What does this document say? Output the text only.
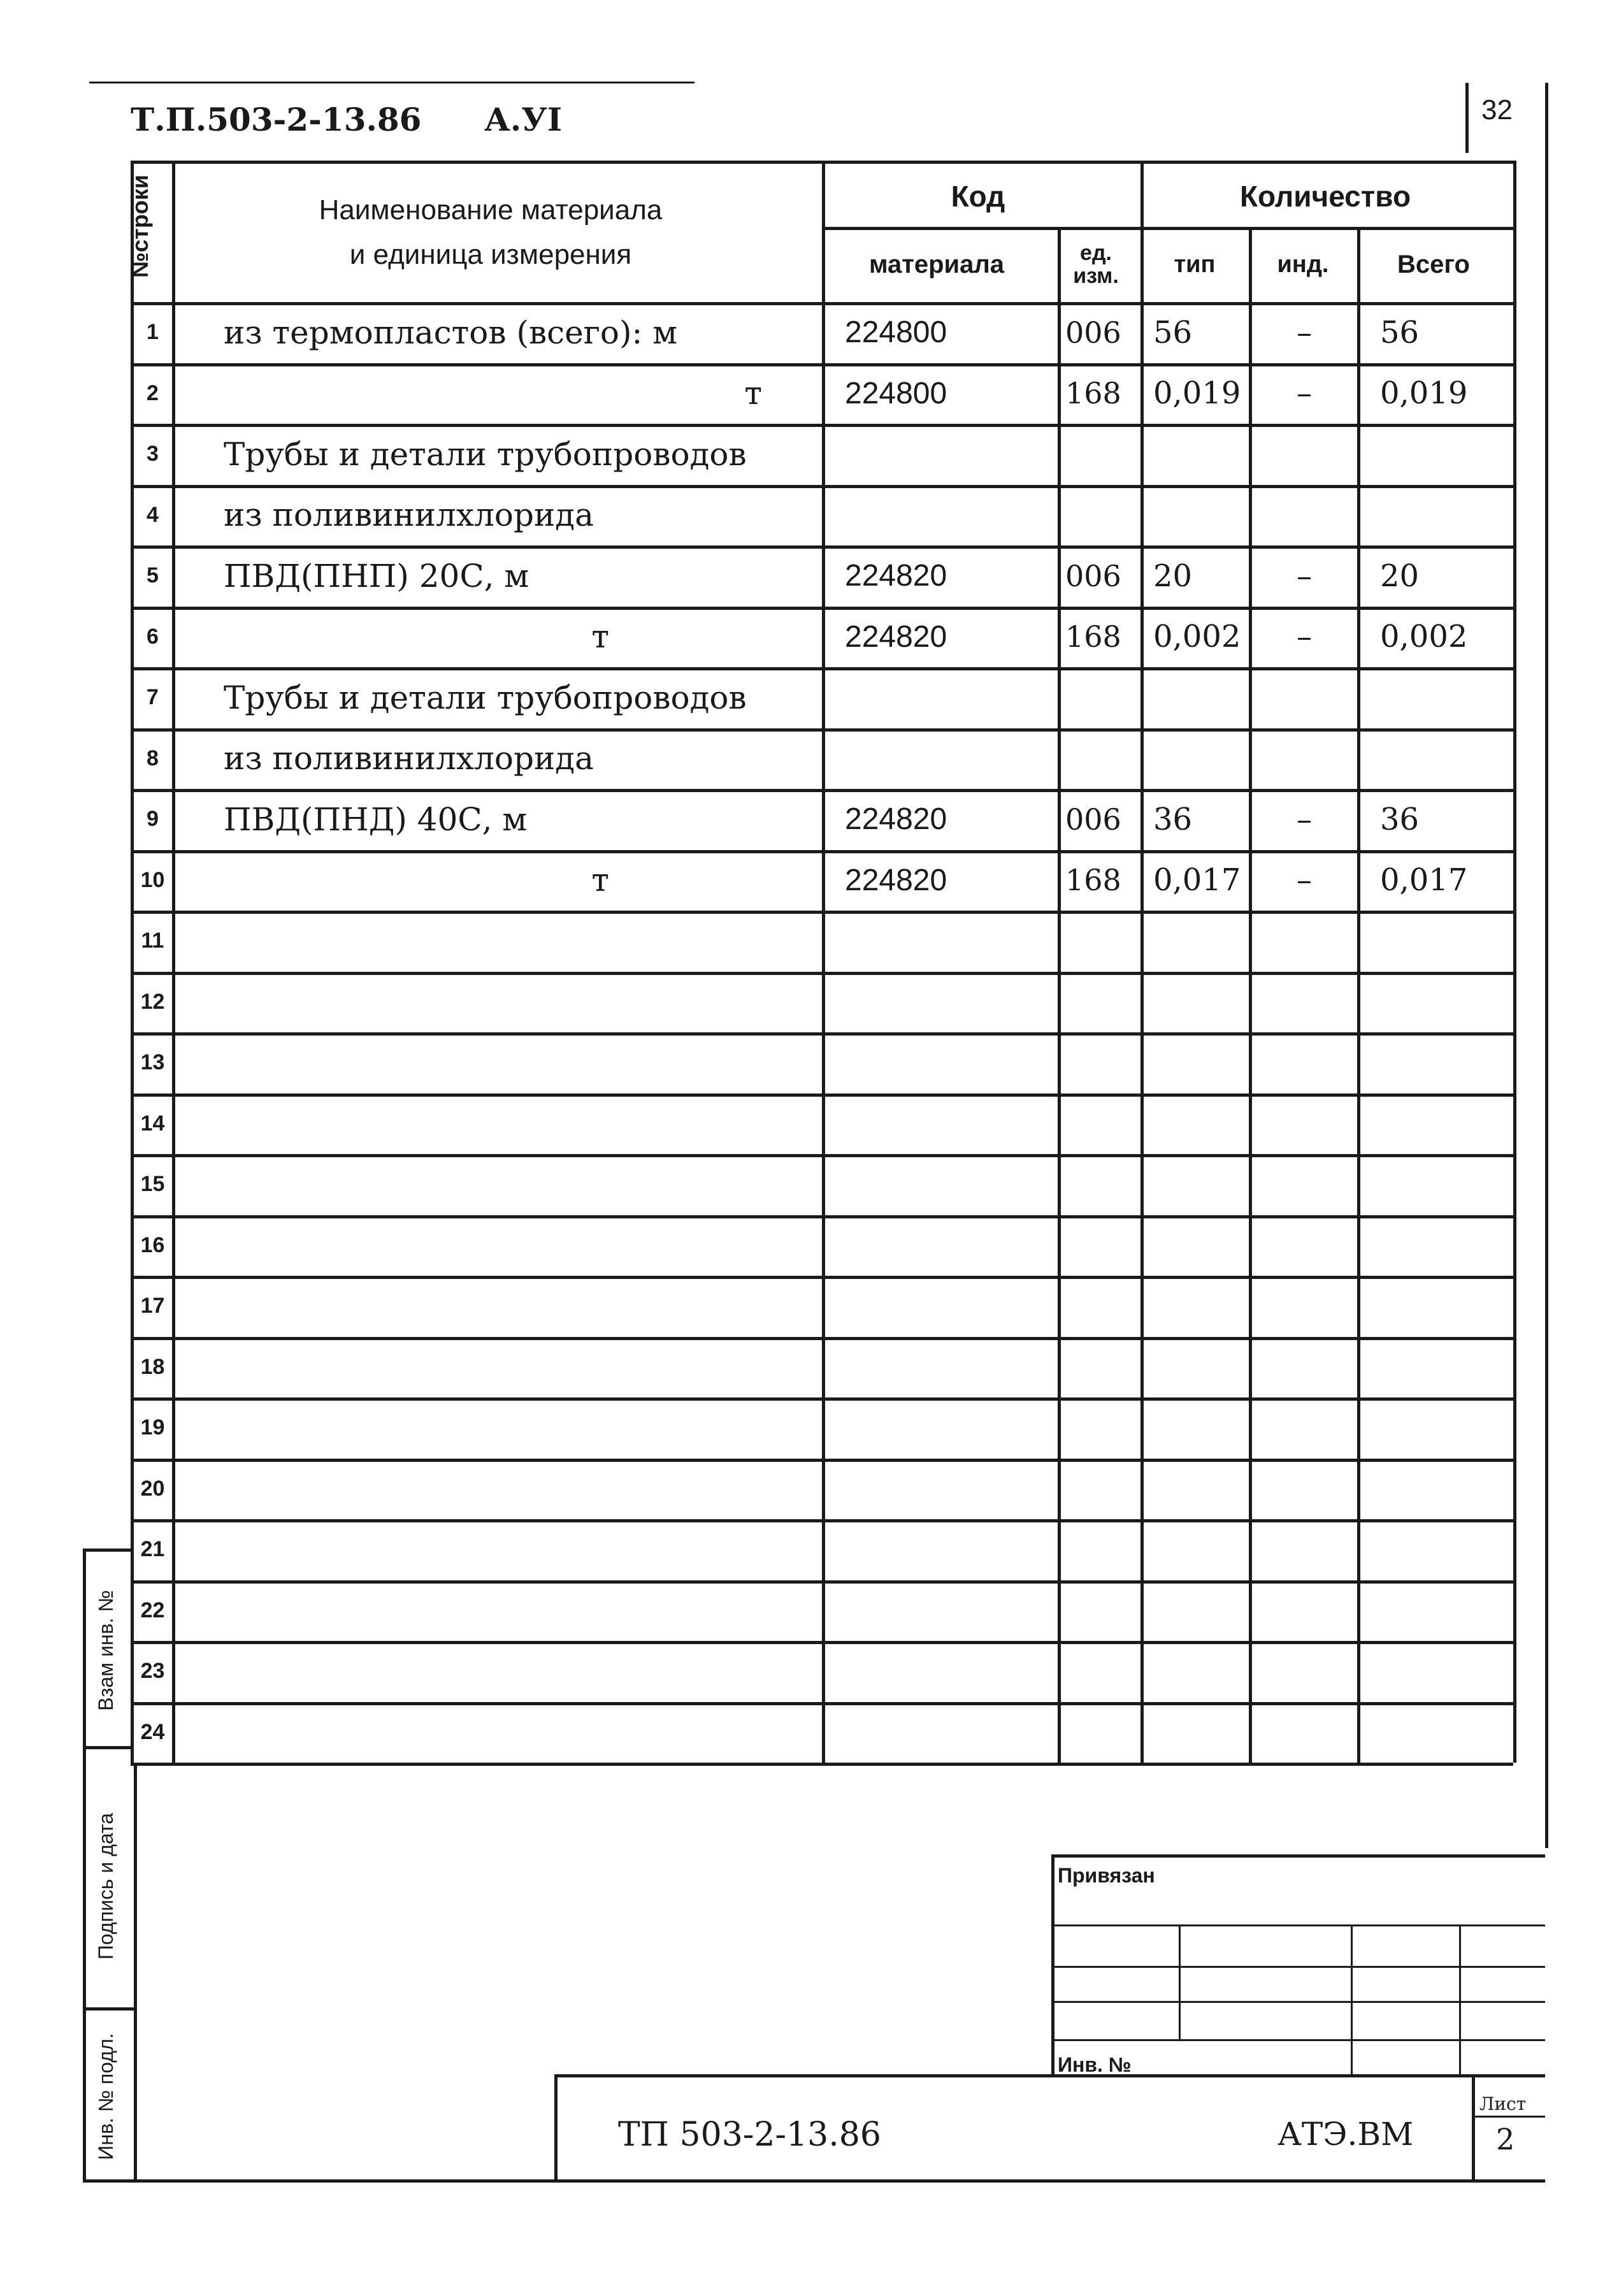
Т.П.503-2-13.86 А.УI	32
№строки	Наименование материала
и единица измерения
Код
материала	ед.
изм.
Количество
тип	инд.	Всего
1	из термопластов (всего): м	224800	006	56	–	56
2	т	224800	168	0,019	–	0,019
3	Трубы и детали трубопроводов
4	из поливинилхлорида
5	ПВД(ПНП) 20С, м	224820	006	20	–	20
6	т	224820	168	0,002	–	0,002
7	Трубы и детали трубопроводов
8	из поливинилхлорида
9	ПВД(ПНД) 40С, м	224820	006	36	–	36
10	т	224820	168	0,017	–	0,017
11
12
13
14
15
16
17
18
19
20
21
22
23
24
Взам инв. №
Подпись и дата
Инв. № подл.
Привязан
Инв. №
ТП 503-2-13.86	АТЭ.ВМ
Лист
2
